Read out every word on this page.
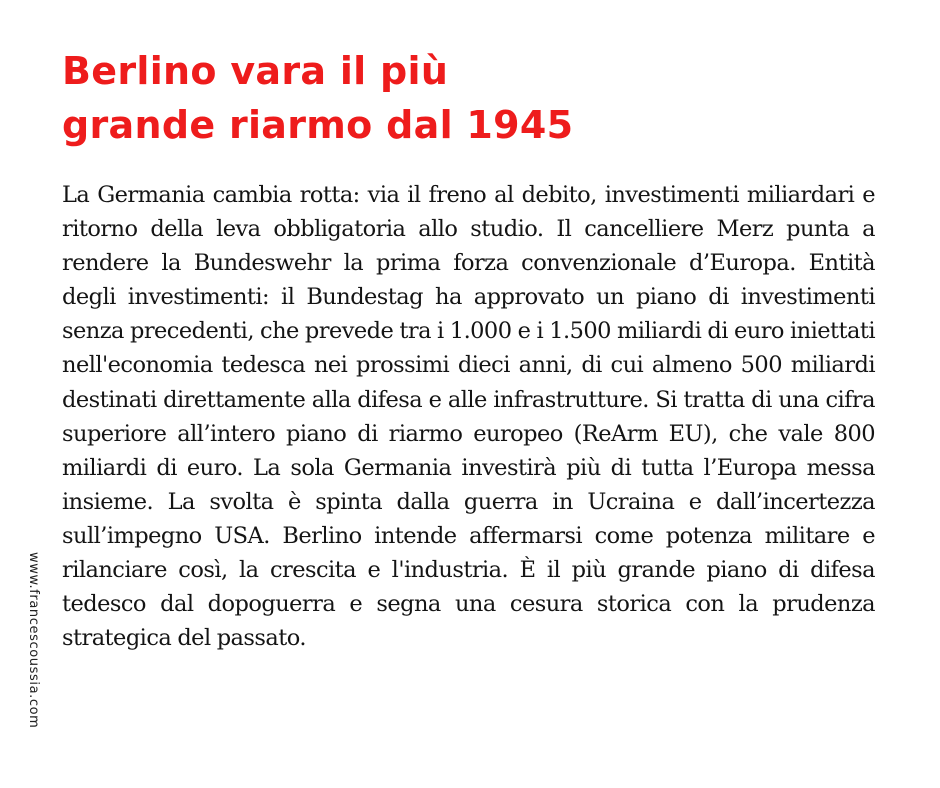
Berlino vara il più
grande riarmo dal 1945

La Germania cambia rotta: via il freno al debito, investimenti miliardari e ritorno della leva obbligatoria allo studio. Il cancelliere Merz punta a rendere la Bundeswehr la prima forza convenzionale d’Europa. Entità degli investimenti: il Bundestag ha approvato un piano di investimenti senza precedenti, che prevede tra i 1.000 e i 1.500 miliardi di euro iniettati nell'economia tedesca nei prossimi dieci anni, di cui almeno 500 miliardi destinati direttamente alla difesa e alle infrastrutture. Si tratta di una cifra superiore all’intero piano di riarmo europeo (ReArm EU), che vale 800 miliardi di euro. La sola Germania investirà più di tutta l’Europa messa insieme. La svolta è spinta dalla guerra in Ucraina e dall’incertezza sull’impegno USA. Berlino intende affermarsi come potenza militare e rilanciare così, la crescita e l'industria. È il più grande piano di difesa tedesco dal dopoguerra e segna una cesura storica con la prudenza strategica del passato.

www.francescoussia.com
